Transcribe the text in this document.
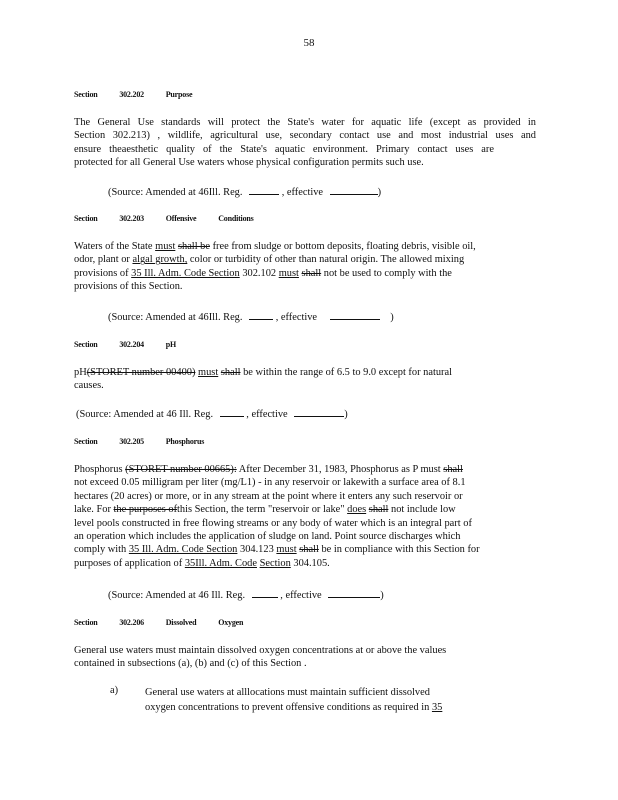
58
Section	302.202	Purpose
The General Use standards will protect the State's water for aquatic life (except as provided in
Section 302.213) , wildlife, agricultural use, secondary contact use and most industrial uses and
ensure theaesthetic quality of the State's aquatic environment. Primary contact uses are
protected for all General Use waters whose physical configuration permits such use.
(Source: Amended at 46Ill. Reg.	, effective	)
Section	302.203	Offensive	Conditions
Waters of the State must shall be free from sludge or bottom deposits, floating debris, visible oil,
odor, plant or algal growth, color or turbidity of other than natural origin. The allowed mixing
provisions of 35 Ill. Adm. Code Section 302.102 must shall not be used to comply with the
provisions of this Section.
(Source: Amended at 46Ill. Reg.	, effective	)
Section	302.204	pH
pH(STORET number 00400) must shall be within the range of 6.5 to 9.0 except for natural
causes.
(Source: Amended at 46 Ill. Reg.	, effective	)
Section	302.205	Phosphorus
Phosphorus (STORET number 00665): After December 31, 1983, Phosphorus as P must shall
not exceed 0.05 milligram per liter (mg/L1) - in any reservoir or lakewith a surface area of 8.1
hectares (20 acres) or more, or in any stream at the point where it enters any such reservoir or
lake. For the purposes ofthis Section, the term "reservoir or lake" does shall not include low
level pools constructed in free flowing streams or any body of water which is an integral part of
an operation which includes the application of sludge on land. Point source discharges which
comply with 35 Ill. Adm. Code Section 304.123 must shall be in compliance with this Section for
purposes of application of 35Ill. Adm. Code Section 304.105.
(Source: Amended at 46 Ill. Reg.	, effective	)
Section	302.206	Dissolved	Oxygen
General use waters must maintain dissolved oxygen concentrations at or above the values
contained in subsections (a), (b) and (c) of this Section .
a)	General use waters at alllocations must maintain sufficient dissolved
oxygen concentrations to prevent offensive conditions as required in 35
